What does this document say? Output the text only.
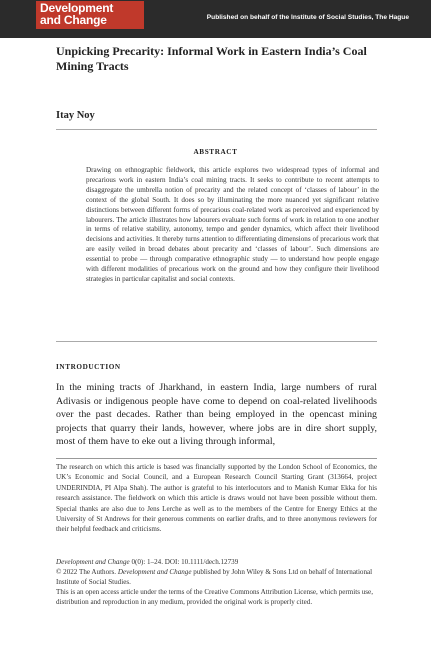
Development
and Change	Published on behalf of the Institute of Social Studies, The Hague
Unpicking Precarity: Informal Work in Eastern India’s Coal Mining Tracts
Itay Noy
ABSTRACT
Drawing on ethnographic fieldwork, this article explores two widespread types of informal and precarious work in eastern India’s coal mining tracts. It seeks to contribute to recent attempts to disaggregate the umbrella notion of precarity and the related concept of ‘classes of labour’ in the context of the global South. It does so by illuminating the more nuanced yet significant relative distinctions between different forms of precarious coal-related work as perceived and experienced by labourers. The article illustrates how labourers evaluate such forms of work in relation to one another in terms of relative stability, autonomy, tempo and gender dynamics, which affect their livelihood decisions and activities. It thereby turns attention to differentiating dimensions of precarious work that are easily veiled in broad debates about precarity and ‘classes of labour’. Such dimensions are essential to probe — through comparative ethnographic study — to understand how people engage with different modalities of precarious work on the ground and how they configure their livelihood strategies in particular capitalist and social contexts.
INTRODUCTION
In the mining tracts of Jharkhand, in eastern India, large numbers of rural Adivasis or indigenous people have come to depend on coal-related livelihoods over the past decades. Rather than being employed in the opencast mining projects that quarry their lands, however, where jobs are in dire short supply, most of them have to eke out a living through informal,
The research on which this article is based was financially supported by the London School of Economics, the UK’s Economic and Social Council, and a European Research Council Starting Grant (313664, project UNDERINDIA, PI Alpa Shah). The author is grateful to his interlocutors and to Manish Kumar Ekka for his research assistance. The fieldwork on which this article is draws would not have been possible without them. Special thanks are also due to Jens Lerche as well as to the members of the Centre for Energy Ethics at the University of St Andrews for their generous comments on earlier drafts, and to three anonymous reviewers for their helpful feedback and criticisms.
Development and Change 0(0): 1–24. DOI: 10.1111/dech.12739
© 2022 The Authors. Development and Change published by John Wiley & Sons Ltd on behalf of International Institute of Social Studies.
This is an open access article under the terms of the Creative Commons Attribution License, which permits use, distribution and reproduction in any medium, provided the original work is properly cited.
